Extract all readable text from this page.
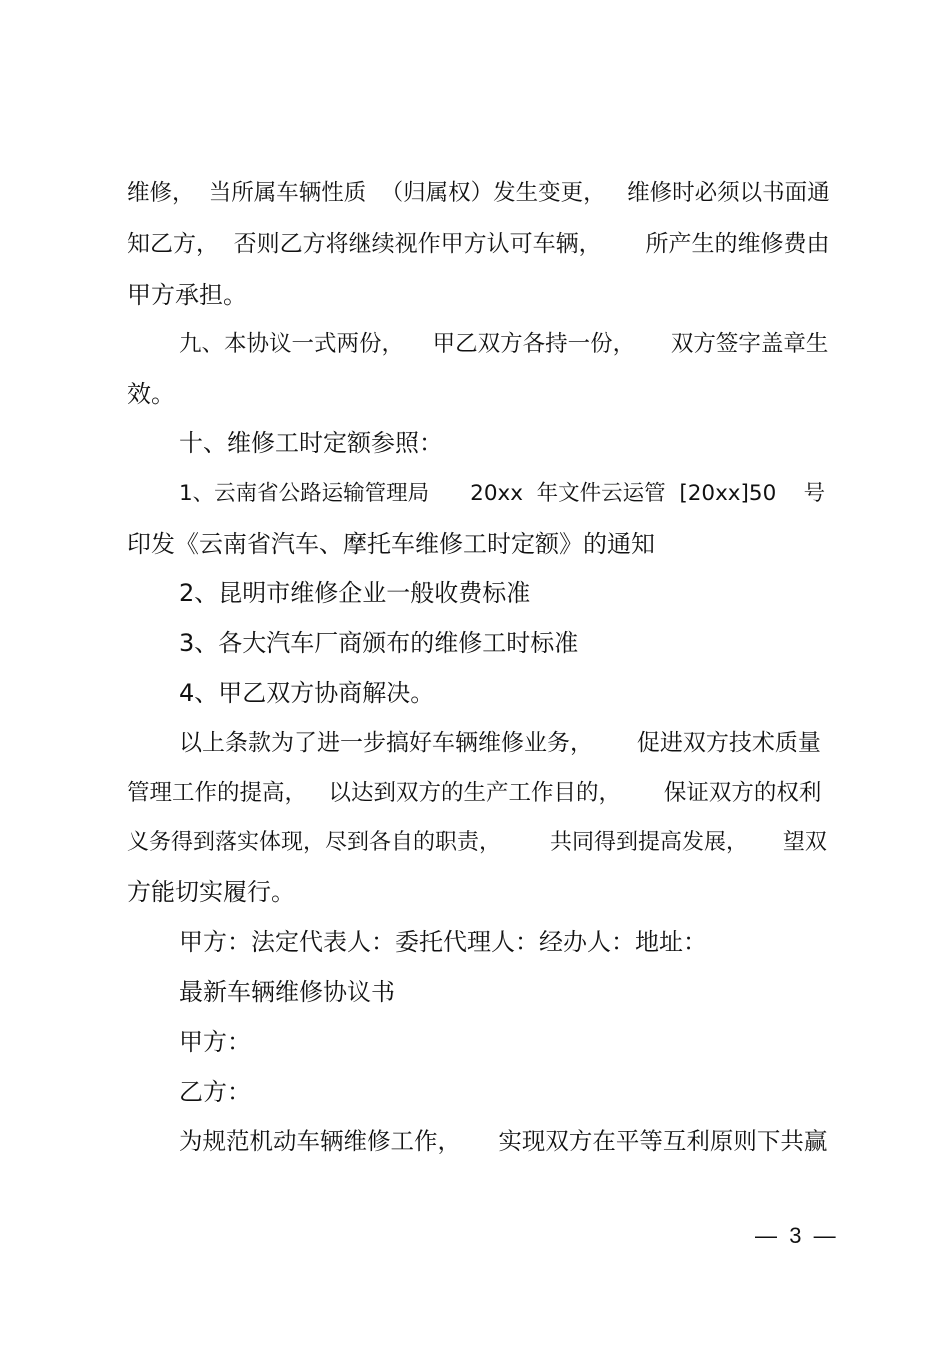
维修，  当所属车辆性质  （归属权）发生变更，   维修时必须以书面通
知乙方，  否则乙方将继续视作甲方认可车辆，      所产生的维修费由
甲方承担。
九、本协议一式两份，    甲乙双方各持一份，     双方签字盖章生
效。
十、维修工时定额参照：
1、云南省公路运输管理局      20xx  年文件云运管  [20xx]50    号
印发《云南省汽车、摩托车维修工时定额》的通知
2、昆明市维修企业一般收费标准
3、各大汽车厂商颁布的维修工时标准
4、甲乙双方协商解决。
以上条款为了进一步搞好车辆维修业务，      促进双方技术质量
管理工作的提高，   以达到双方的生产工作目的，      保证双方的权利
义务得到落实体现，尽到各自的职责，       共同得到提高发展，     望双
方能切实履行。
甲方：法定代表人：委托代理人：经办人：地址：
最新车辆维修协议书
甲方：
乙方：
为规范机动车辆维修工作，     实现双方在平等互利原则下共赢
—  3  —
